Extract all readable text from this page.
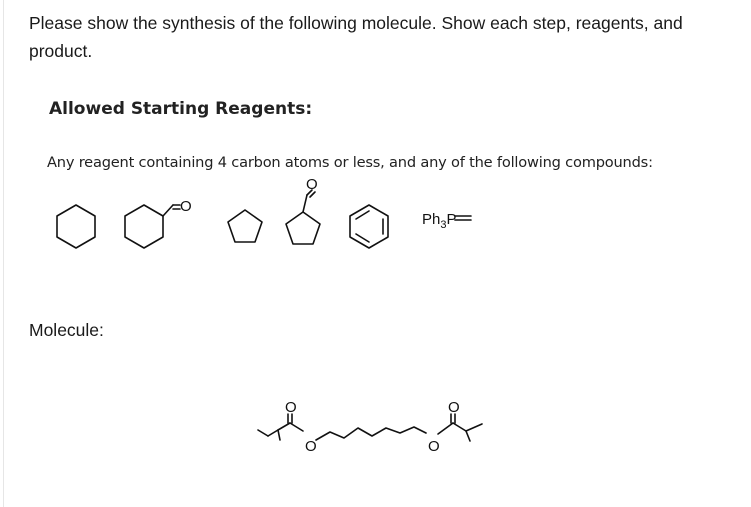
Please show the synthesis of the following molecule. Show each step, reagents, and product.
Allowed Starting Reagents:
Any reagent containing 4 carbon atoms or less, and any of the following compounds:
O
O
$Ph_3P$
O
O	O
O
Molecule:
